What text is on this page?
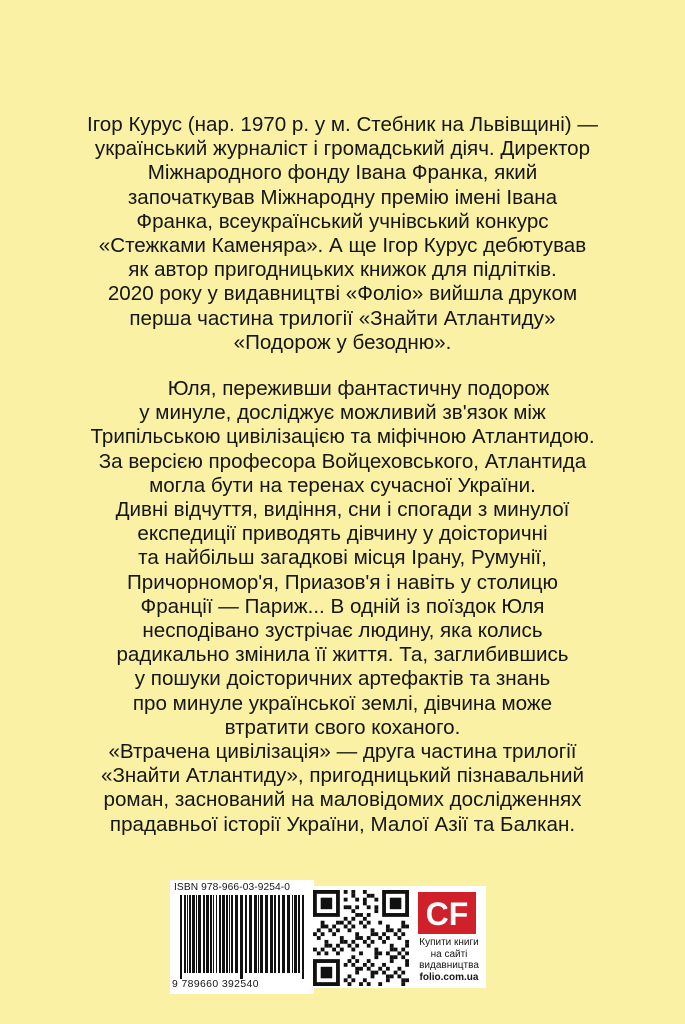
Ігор Курус (нар. 1970 р. у м. Стебник на Львівщині) —
український журналіст і громадський діяч. Директор
Міжнародного фонду Івана Франка, який
започаткував Міжнародну премію імені Івана
Франка, всеукраїнський учнівський конкурс
«Стежками Каменяра». А ще Ігор Курус дебютував
як автор пригодницьких книжок для підлітків.
2020 року у видавництві «Фоліо» вийшла друком
перша частина трилогії «Знайти Атлантиду»
«Подорож у безодню».
Юля, переживши фантастичну подорож
у минуле, досліджує можливий зв'язок між
Трипільською цивілізацією та міфічною Атлантидою.
За версією професора Войцеховського, Атлантида
могла бути на теренах сучасної України.
Дивні відчуття, видіння, сни і спогади з минулої
експедиції приводять дівчину у доісторичні
та найбільш загадкові місця Ірану, Румунії,
Причорномор'я, Приазов'я і навіть у столицю
Франції — Париж... В одній із поїздок Юля
несподівано зустрічає людину, яка колись
радикально змінила її життя. Та, заглибившись
у пошуки доісторичних артефактів та знань
про минуле української землі, дівчина може
втратити свого коханого.
«Втрачена цивілізація» — друга частина трилогії
«Знайти Атлантиду», пригодницький пізнавальний
роман, заснований на маловідомих дослідженнях
прадавньої історії України, Малої Азії та Балкан.
ISBN 978-966-03-9254-0
9 789660 392540
CF
Купити книги
на сайті
видавництва
folio.com.ua
